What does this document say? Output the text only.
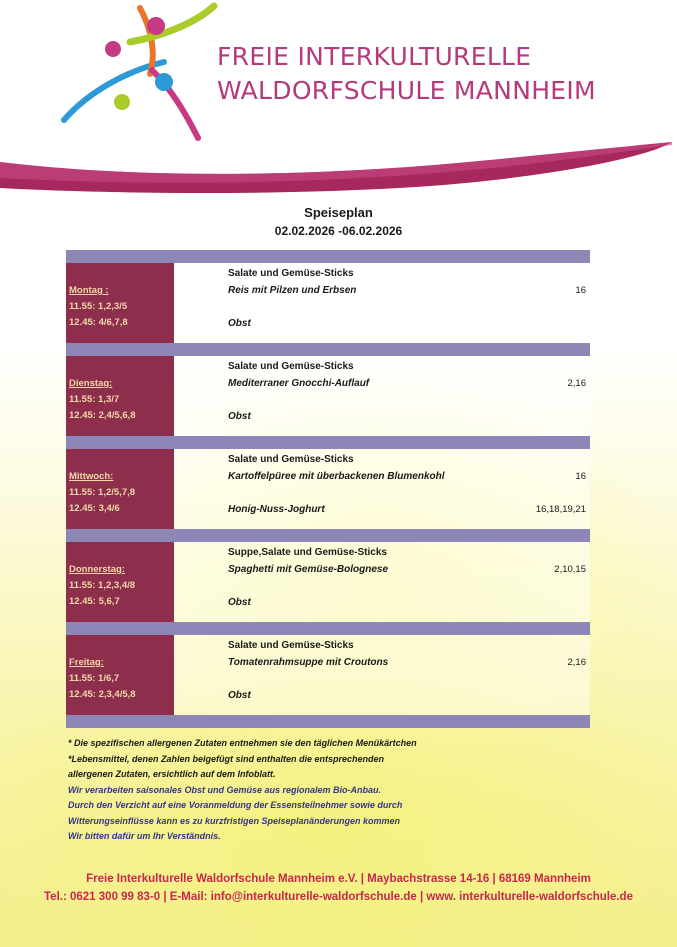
FREIE INTERKULTURELLE
WALDORFSCHULE MANNHEIM
Speiseplan
02.02.2026 -06.02.2026
Montag :
11.55: 1,2,3/5
12.45: 4/6,7,8
Salate und Gemüse-Sticks
Reis mit Pilzen und Erbsen	16
Obst
Dienstag:
11.55: 1,3/7
12.45: 2,4/5,6,8
Salate und Gemüse-Sticks
Mediterraner Gnocchi-Auflauf	2,16
Obst
Mittwoch:
11.55: 1,2/5,7,8
12.45: 3,4/6
Salate und Gemüse-Sticks
Kartoffelpüree mit überbackenen Blumenkohl	16
Honig-Nuss-Joghurt	16,18,19,21
Donnerstag:
11.55: 1,2,3,4/8
12.45: 5,6,7
Suppe,Salate und Gemüse-Sticks
Spaghetti mit Gemüse-Bolognese	2,10,15
Obst
Freitag:
11.55: 1/6,7
12.45: 2,3,4/5,8
Salate und Gemüse-Sticks
Tomatenrahmsuppe mit Croutons	2,16
Obst
* Die spezifischen allergenen Zutaten entnehmen sie den täglichen Menükärtchen
*Lebensmittel, denen Zahlen beigefügt sind enthalten die entsprechenden
allergenen Zutaten, ersichtlich auf dem Infoblatt.
Wir verarbeiten saisonales Obst und Gemüse aus regionalem Bio-Anbau.
Durch den Verzicht auf eine Voranmeldung der Essensteilnehmer sowie durch
Witterungseinflüsse kann es zu kurzfristigen Speiseplanänderungen kommen
Wir bitten dafür um Ihr Verständnis.
Freie Interkulturelle Waldorfschule Mannheim e.V. | Maybachstrasse 14-16 | 68169 Mannheim
Tel.: 0621 300 99 83-0 | E-Mail: info@interkulturelle-waldorfschule.de | www. interkulturelle-waldorfschule.de
